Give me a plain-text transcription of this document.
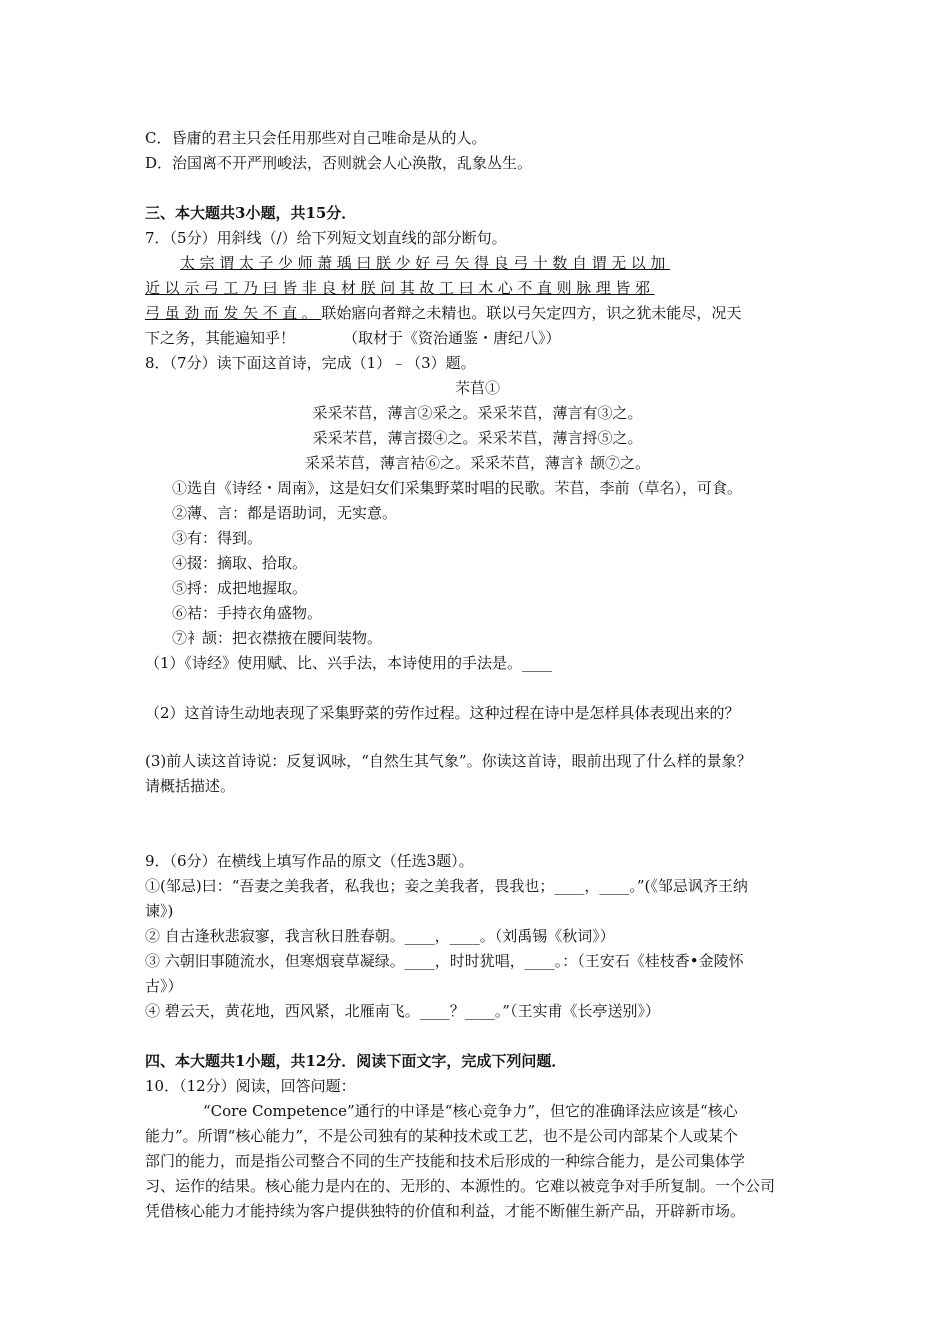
C．昏庸的君主只会任用那些对自己唯命是从的人。
D．治国离不开严刑峻法，否则就会人心涣散，乱象丛生。
三、本大题共3小题，共15分．
7．（5分）用斜线（/）给下列短文划直线的部分断句。
太宗谓太子少师萧瑀曰朕少好弓矢得良弓十数自谓无以加
近以示弓工乃曰皆非良材朕问其故工曰木心不直则脉理皆邪
弓虽劲而发矢不直。联始寤向者辩之未精也。联以弓矢定四方，识之犹未能尽，况天
下之务，其能遍知乎！	（取材于《资治通鉴・唐纪八》）
8．（7分）读下面这首诗，完成（1）﹣（3）题。
芣苢①
采采芣苢，薄言②采之。采采芣苢，薄言有③之。
采采芣苢，薄言掇④之。采采芣苢，薄言捋⑤之。
采采芣苢，薄言袺⑥之。采采芣苢，薄言衤颉⑦之。
①选自《诗经・周南》，这是妇女们采集野菜时唱的民歌。芣苢，李前（草名），可食。
②薄、言：都是语助词，无实意。
③有：得到。
④掇：摘取、拾取。
⑤捋：成把地握取。
⑥袺：手持衣角盛物。
⑦衤颉：把衣襟掖在腰间装物。
（1）《诗经》使用赋、比、兴手法，本诗使用的手法是。____
（2）这首诗生动地表现了采集野菜的劳作过程。这种过程在诗中是怎样具体表现出来的？
(3)前人读这首诗说：反复讽咏，“自然生其气象”。你读这首诗，眼前出现了什么样的景象？
请概括描述。
9．（6分）在横线上填写作品的原文（任选3题）。
①(邹忌)曰：“吾妻之美我者，私我也；妾之美我者，畏我也；____，____。”(《邹忌讽齐王纳
谏》)
② 自古逢秋悲寂寥，我言秋日胜春朝。____，____。（刘禹锡《秋词》）
③ 六朝旧事随流水，但寒烟衰草凝绿。____，时时犹唱，____。：（王安石《桂枝香•金陵怀
古》）
④ 碧云天，黄花地，西风紧，北雁南飞。____？____。”（王实甫《长亭送别》）
四、本大题共1小题，共12分．阅读下面文字，完成下列问题．
10．（12分）阅读，回答问题：
“Core Competence”通行的中译是“核心竞争力”，但它的准确译法应该是“核心
能力”。所谓“核心能力”，不是公司独有的某种技术或工艺，也不是公司内部某个人或某个
部门的能力，而是指公司整合不同的生产技能和技术后形成的一种综合能力，是公司集体学
习、运作的结果。核心能力是内在的、无形的、本源性的。它难以被竞争对手所复制。一个公司
凭借核心能力才能持续为客户提供独特的价值和利益，才能不断催生新产品，开辟新市场。
